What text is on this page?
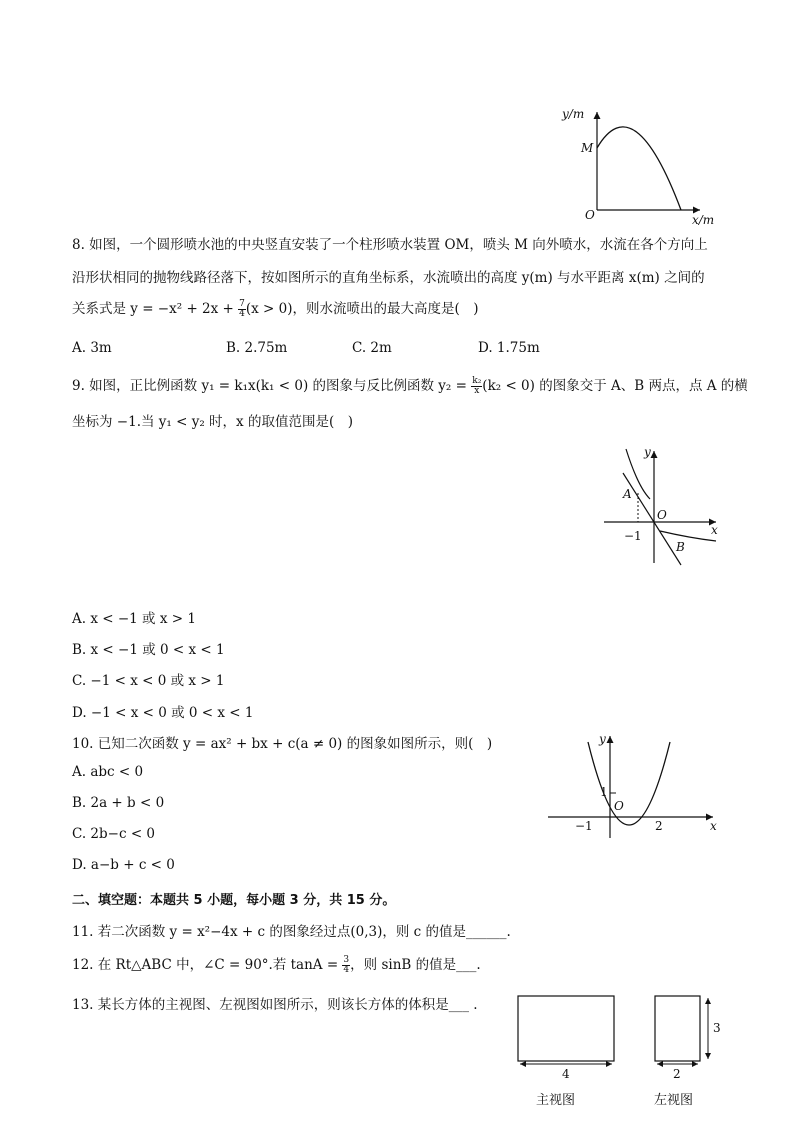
y/m
x/m
O
M
8. 如图，一个圆形喷水池的中央竖直安装了一个柱形喷水装置 OM，喷头 M 向外喷水，水流在各个方向上
沿形状相同的抛物线路径落下，按如图所示的直角坐标系，水流喷出的高度 y(m) 与水平距离 x(m) 之间的
关系式是 $y = -x^2 + 2x + \frac{7}{4} (x > 0)$，则水流喷出的最大高度是(　)
A. 3m	B. 2.75m	C. 2m	D. 1.75m
9. 如图，正比例函数 y₁ = k₁x(k₁ < 0) 的图象与反比例函数 $y_2 = \frac{\text{k₂}}{x} (k_2 < 0)$ 的图象交于 A、B 两点，点 A 的横
坐标为 −1.当 y₁ < y₂ 时，x 的取值范围是(　)
y
x
O
A
B
−1
A. x < −1 或 x > 1
B. x < −1 或 0 < x < 1
C. −1 < x < 0 或 x > 1
D. −1 < x < 0 或 0 < x < 1
10. 已知二次函数 y = ax² + bx + c(a ≠ 0) 的图象如图所示，则(　)
A. abc < 0
B. 2a + b < 0
C. 2b−c < 0
D. a−b + c < 0
y
x
O
1
−1	2
二、填空题：本题共 5 小题，每小题 3 分，共 15 分。
11. 若二次函数 y = x²−4x + c 的图象经过点(0,3)，则 c 的值是______.
12. 在 Rt△ABC 中，∠C = 90°.若 $\tan A = \frac{3}{4}$ ，则 sinB 的值是___.
13. 某长方体的主视图、左视图如图所示，则该长方体的体积是___ .
4	2
3
主视图	左视图
